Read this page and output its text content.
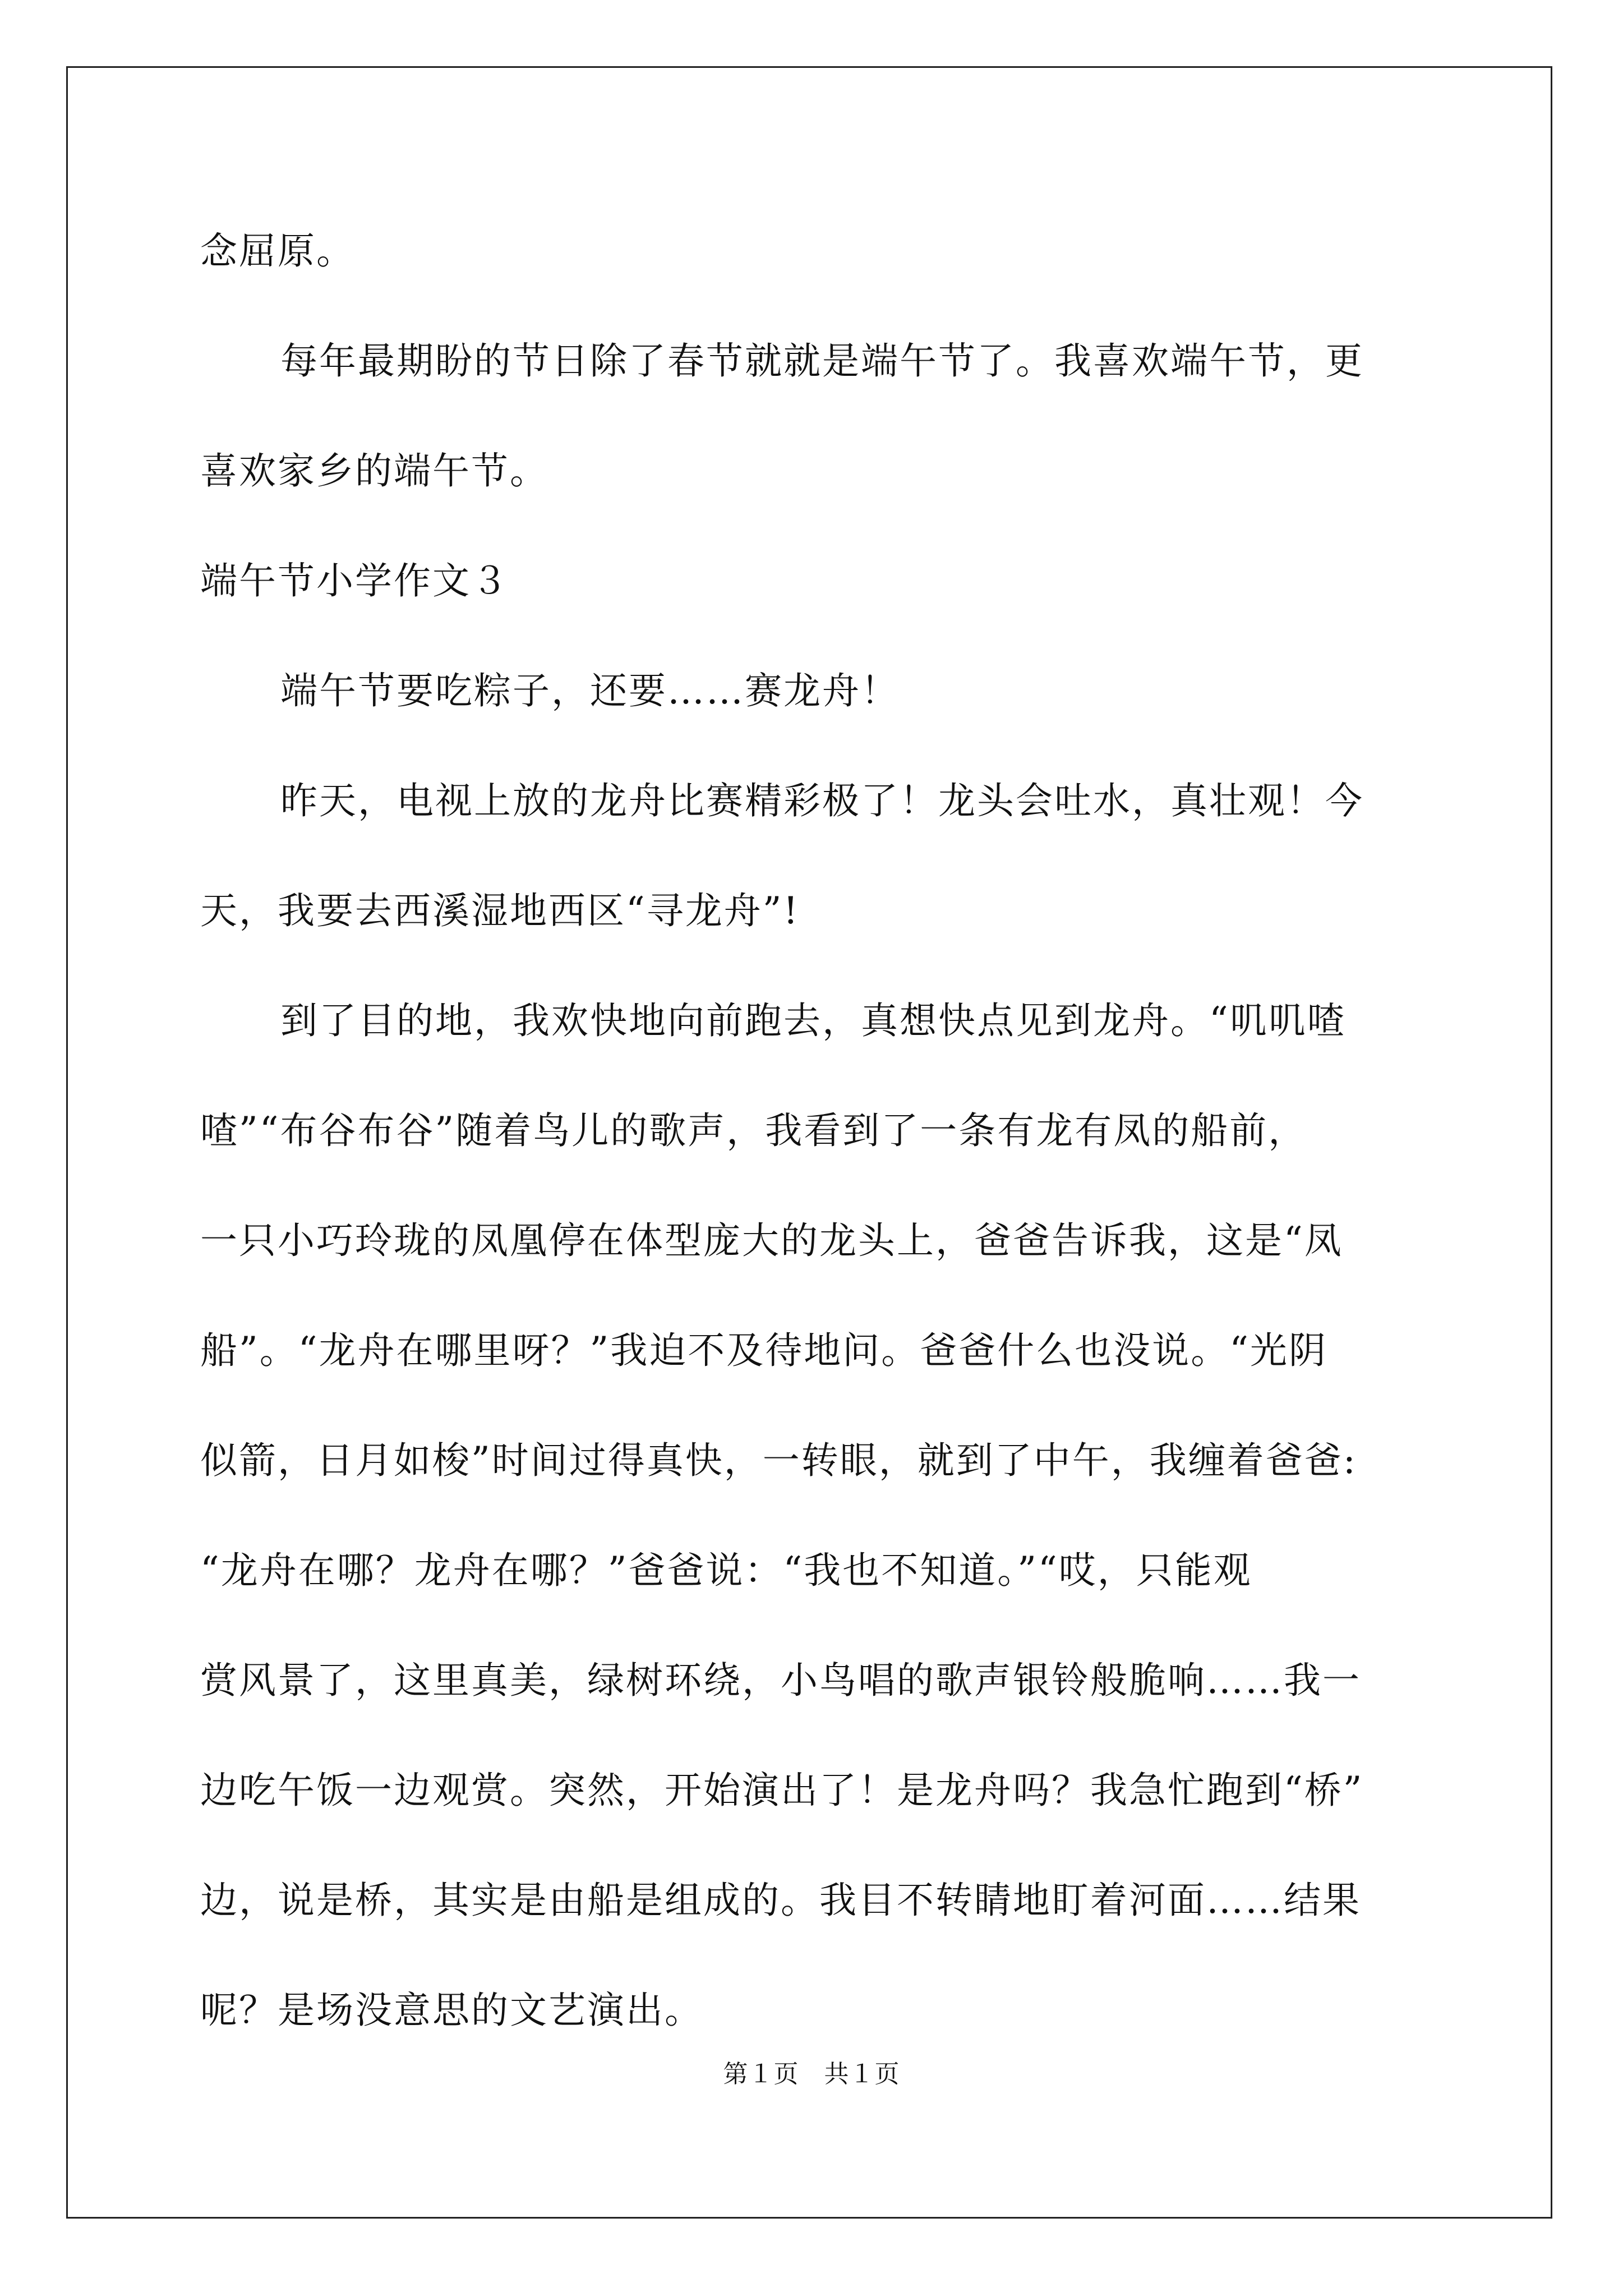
念屈原。

每年最期盼的节日除了春节就就是端午节了。我喜欢端午节，更
喜欢家乡的端午节。

端午节小学作文３

端午节要吃粽子，还要……赛龙舟！

昨天，电视上放的龙舟比赛精彩极了！龙头会吐水，真壮观！今
天，我要去西溪湿地西区“寻龙舟”!

到了目的地，我欢快地向前跑去，真想快点见到龙舟。“叽叽喳
喳”“布谷布谷”随着鸟儿的歌声，我看到了一条有龙有凤的船前，
一只小巧玲珑的凤凰停在体型庞大的龙头上，爸爸告诉我，这是“凤
船”。“龙舟在哪里呀？”我迫不及待地问。爸爸什么也没说。“光阴
似箭，日月如梭”时间过得真快，一转眼，就到了中午，我缠着爸爸:
“龙舟在哪？龙舟在哪？”爸爸说：“我也不知道。”“哎，只能观
赏风景了，这里真美，绿树环绕，小鸟唱的歌声银铃般脆响……我一
边吃午饭一边观赏。突然，开始演出了！是龙舟吗？我急忙跑到“桥”
边，说是桥，其实是由船是组成的。我目不转睛地盯着河面……结果
呢？是场没意思的文艺演出。

第１页　共１页
